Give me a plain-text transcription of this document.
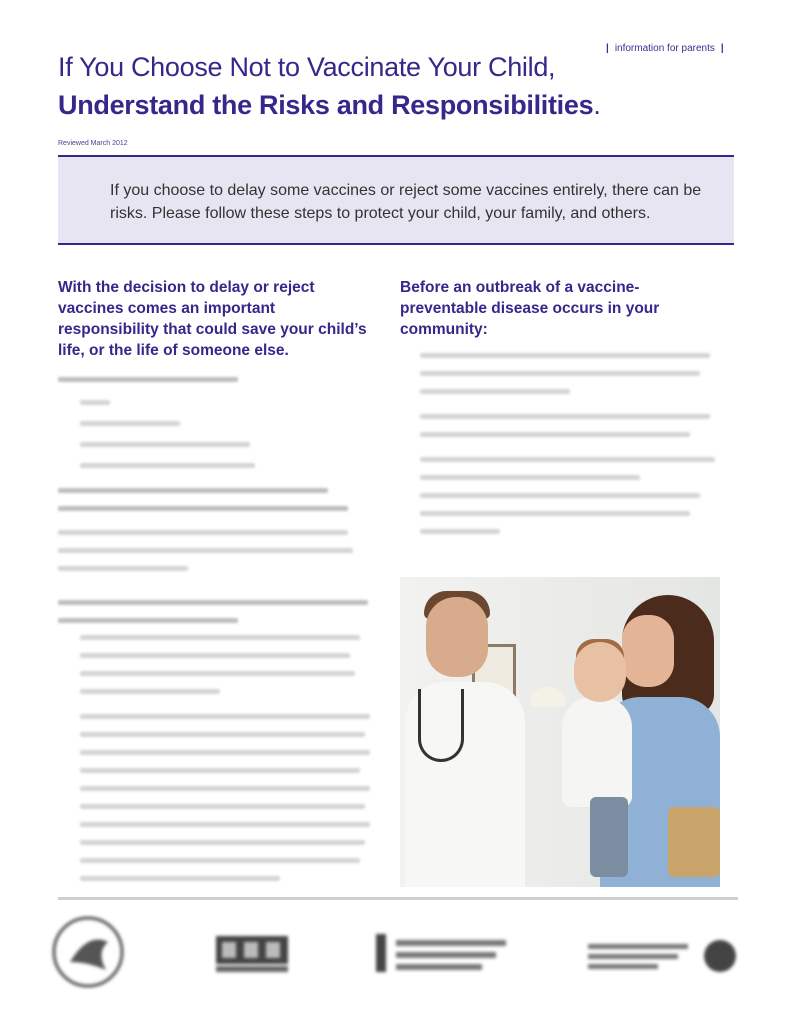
| information for parents |
If You Choose Not to Vaccinate Your Child,
Understand the Risks and Responsibilities.
Reviewed March 2012

If you choose to delay some vaccines or reject some vaccines entirely, there can be risks. Please follow these steps to protect your child, your family, and others.

With the decision to delay or reject vaccines comes an important responsibility that could save your child’s life, or the life of someone else.
Before an outbreak of a vaccine-preventable disease occurs in your community:
